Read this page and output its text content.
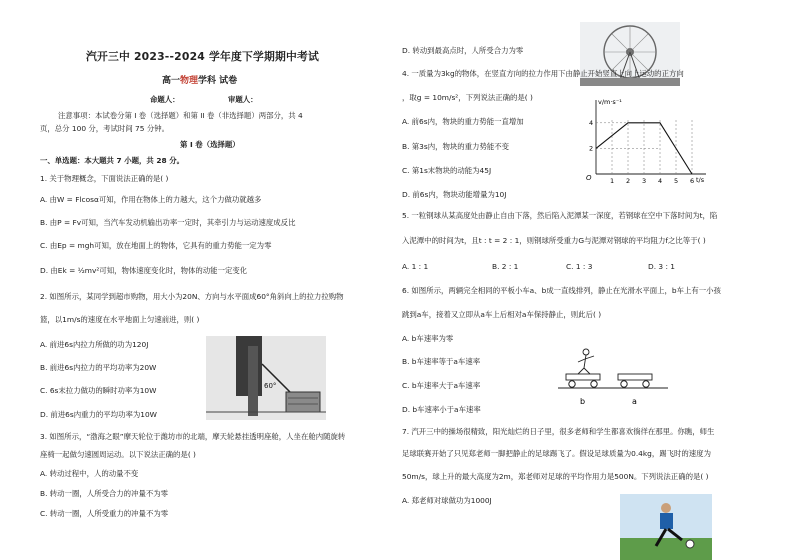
汽开三中 2023--2024 学年度下学期期中考试
高一物理学科 试卷
命题人：	审题人：
注意事项：本试卷分第 I 卷（选择题）和第 II 卷（非选择题）两部分，共 4
页，总分 100 分，考试时间 75 分钟。
第 I 卷（选择题）
一、单选题：本大题共 7 小题，共 28 分。
1. 关于物理概念，下面说法正确的是( )
A. 由W = Flcosα可知，作用在物体上的力越大，这个力做功就越多
B. 由P = Fv可知，当汽车发动机输出功率一定时，其牵引力与运动速度成反比
C. 由Ep = mgh可知，放在地面上的物体，它具有的重力势能一定为零
D. 由Ek = ½mv²可知，物体速度变化时，物体的动能一定变化
2. 如图所示，某同学到超市购物，用大小为20N、方向与水平面成60°角斜向上的拉力拉购物
篮，以1m/s的速度在水平地面上匀速前进，则( )
A. 前进6s内拉力所做的功为120J
B. 前进6s内拉力的平均功率为20W
C. 6s末拉力做功的瞬时功率为10W
D. 前进6s内重力的平均功率为10W
3. 如图所示，“渤海之眼”摩天轮位于潍坊市的北端，摩天轮悬挂透明座舱，人坐在舱内随旋转
座椅一起做匀速圆周运动。以下说法正确的是( )
A. 转动过程中，人的动量不变
B. 转动一圈，人所受合力的冲量不为零
C. 转动一圈，人所受重力的冲量不为零
60°
D. 转动到最高点时，人所受合力为零
4. 一质量为3kg的物体，在竖直方向的拉力作用下由静止开始竖直上向上运动的正方向
，取g = 10m/s²，下列说法正确的是( )
A. 前6s内，物块的重力势能一直增加
B. 第3s内，物块的重力势能不变
C. 第1s末物块的动能为45J
D. 前6s内，物块动能增量为10J
1 2 3 4 5 6
2
4
v/m·s⁻¹
t/s
O
5. 一粒钢球从某高度处由静止自由下落，然后陷入泥潭某一深度，若钢球在空中下落时间为t，陷
入泥潭中的时间为t，且t : t = 2 : 1，则钢球所受重力G与泥潭对钢球的平均阻力f之比等于( )
A. 1 : 1	B. 2 : 1	C. 1 : 3	D. 3 : 1
6. 如图所示，两辆完全相同的平板小车a、b成一直线排列，静止在光滑水平面上，b车上有一小孩
跳到a车，接着又立即从a车上后相对a车保持静止，则此后( )
A. b车速率为零
B. b车速率等于a车速率
C. b车速率大于a车速率
D. b车速率小于a车速率
b	a
7. 汽开三中的操场很精致，阳光灿烂的日子里，很多老师和学生都喜欢徜徉在那里。你瞧，师生
足球联赛开始了只见郑老师一脚把静止的足球踢飞了。假设足球质量为0.4kg，踢飞时的速度为
50m/s，球上升的最大高度为2m，郑老师对足球的平均作用力是500N。下列说法正确的是( )
A. 郑老师对球做功为1000J
